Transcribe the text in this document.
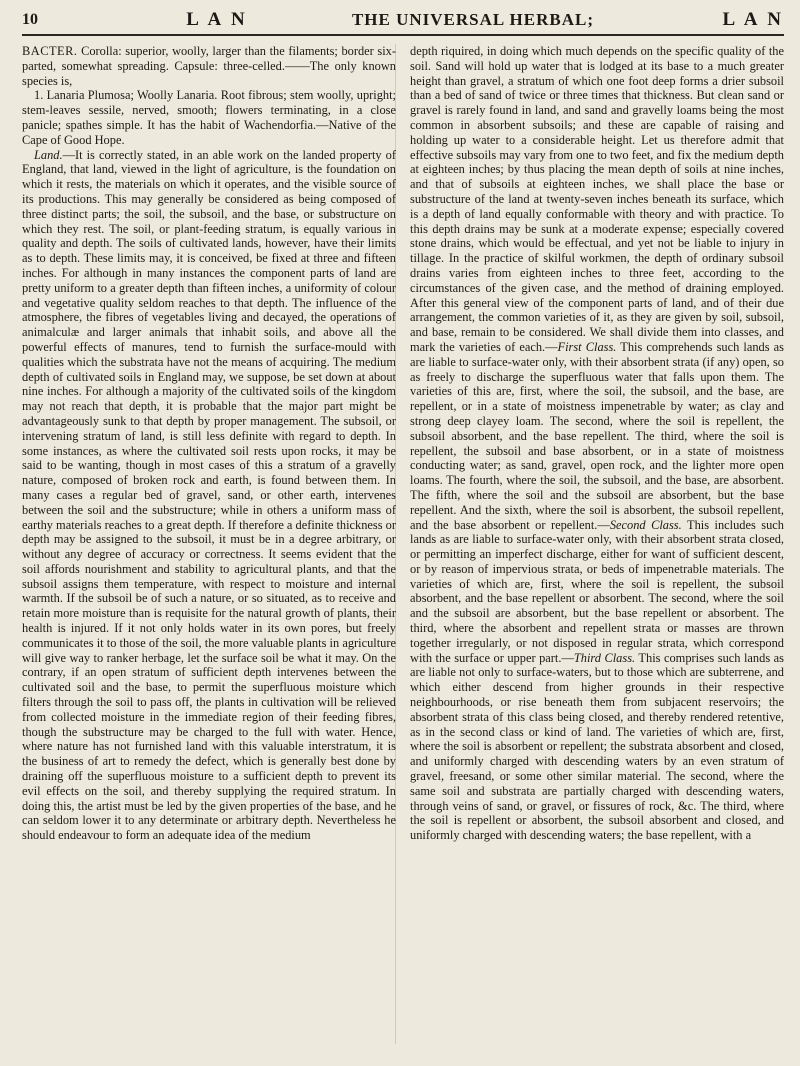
10	L A N	THE UNIVERSAL HERBAL;	L A N

BACTER. Corolla: superior, woolly, larger than the filaments; border six-parted, somewhat spreading. Capsule: three-celled.——The only known species is,

1. Lanaria Plumosa; Woolly Lanaria. Root fibrous; stem woolly, upright; stem-leaves sessile, nerved, smooth; flowers terminating, in a close panicle; spathes simple. It has the habit of Wachendorfia.—Native of the Cape of Good Hope.

Land.—It is correctly stated, in an able work on the landed property of England, that land, viewed in the light of agriculture, is the foundation on which it rests, the materials on which it operates, and the visible source of its productions. This may generally be considered as being composed of three distinct parts; the soil, the subsoil, and the base, or substructure on which they rest. The soil, or plant-feeding stratum, is equally various in quality and depth. The soils of cultivated lands, however, have their limits as to depth. These limits may, it is conceived, be fixed at three and fifteen inches. For although in many instances the component parts of land are pretty uniform to a greater depth than fifteen inches, a uniformity of colour and vegetative quality seldom reaches to that depth. The influence of the atmosphere, the fibres of vegetables living and decayed, the operations of animalculæ and larger animals that inhabit soils, and above all the powerful effects of manures, tend to furnish the surface-mould with qualities which the substrata have not the means of acquiring. The medium depth of cultivated soils in England may, we suppose, be set down at about nine inches. For although a majority of the cultivated soils of the kingdom may not reach that depth, it is probable that the major part might be advantageously sunk to that depth by proper management. The subsoil, or intervening stratum of land, is still less definite with regard to depth. In some instances, as where the cultivated soil rests upon rocks, it may be said to be wanting, though in most cases of this a stratum of a gravelly nature, composed of broken rock and earth, is found between them. In many cases a regular bed of gravel, sand, or other earth, intervenes between the soil and the substructure; while in others a uniform mass of earthy materials reaches to a great depth. If therefore a definite thickness or depth may be assigned to the subsoil, it must be in a degree arbitrary, or without any degree of accuracy or correctness. It seems evident that the soil affords nourishment and stability to agricultural plants, and that the subsoil assigns them temperature, with respect to moisture and internal warmth. If the subsoil be of such a nature, or so situated, as to receive and retain more moisture than is requisite for the natural growth of plants, their health is injured. If it not only holds water in its own pores, but freely communicates it to those of the soil, the more valuable plants in agriculture will give way to ranker herbage, let the surface soil be what it may. On the contrary, if an open stratum of sufficient depth intervenes between the cultivated soil and the base, to permit the superfluous moisture which filters through the soil to pass off, the plants in cultivation will be relieved from collected moisture in the immediate region of their feeding fibres, though the substructure may be charged to the full with water. Hence, where nature has not furnished land with this valuable interstratum, it is the business of art to remedy the defect, which is generally best done by draining off the superfluous moisture to a sufficient depth to prevent its evil effects on the soil, and thereby supplying the required stratum. In doing this, the artist must be led by the given properties of the base, and he can seldom lower it to any determinate or arbitrary depth. Nevertheless he should endeavour to form an adequate idea of the medium

depth riquired, in doing which much depends on the specific quality of the soil. Sand will hold up water that is lodged at its base to a much greater height than gravel, a stratum of which one foot deep forms a drier subsoil than a bed of sand of twice or three times that thickness. But clean sand or gravel is rarely found in land, and sand and gravelly loams being the most common in absorbent subsoils; and these are capable of raising and holding up water to a considerable height. Let us therefore admit that effective subsoils may vary from one to two feet, and fix the medium depth at eighteen inches; by thus placing the mean depth of soils at nine inches, and that of subsoils at eighteen inches, we shall place the base or substructure of the land at twenty-seven inches beneath its surface, which is a depth of land equally conformable with theory and with practice. To this depth drains may be sunk at a moderate expense; especially covered stone drains, which would be effectual, and yet not be liable to injury in tillage. In the practice of skilful workmen, the depth of ordinary subsoil drains varies from eighteen inches to three feet, according to the circumstances of the given case, and the method of draining employed. After this general view of the component parts of land, and of their due arrangement, the common varieties of it, as they are given by soil, subsoil, and base, remain to be considered. We shall divide them into classes, and mark the varieties of each.—First Class. This comprehends such lands as are liable to surface-water only, with their absorbent strata (if any) open, so as freely to discharge the superfluous water that falls upon them. The varieties of this are, first, where the soil, the subsoil, and the base, are repellent, or in a state of moistness impenetrable by water; as clay and strong deep clayey loam. The second, where the soil is repellent, the subsoil absorbent, and the base repellent. The third, where the soil is repellent, the subsoil and base absorbent, or in a state of moistness conducting water; as sand, gravel, open rock, and the lighter more open loams. The fourth, where the soil, the subsoil, and the base, are absorbent. The fifth, where the soil and the subsoil are absorbent, but the base repellent. And the sixth, where the soil is absorbent, the subsoil repellent, and the base absorbent or repellent.—Second Class. This includes such lands as are liable to surface-water only, with their absorbent strata closed, or permitting an imperfect discharge, either for want of sufficient descent, or by reason of impervious strata, or beds of impenetrable materials. The varieties of which are, first, where the soil is repellent, the subsoil absorbent, and the base repellent or absorbent. The second, where the soil and the subsoil are absorbent, but the base repellent or absorbent. The third, where the absorbent and repellent strata or masses are thrown together irregularly, or not disposed in regular strata, which correspond with the surface or upper part.—Third Class. This comprises such lands as are liable not only to surface-waters, but to those which are subterrene, and which either descend from higher grounds in their respective neighbourhoods, or rise beneath them from subjacent reservoirs; the absorbent strata of this class being closed, and thereby rendered retentive, as in the second class or kind of land. The varieties of which are, first, where the soil is absorbent or repellent; the substrata absorbent and closed, and uniformly charged with descending waters by an even stratum of gravel, freesand, or some other similar material. The second, where the same soil and substrata are partially charged with descending waters, through veins of sand, or gravel, or fissures of rock, &c. The third, where the soil is repellent or absorbent, the subsoil absorbent and closed, and uniformly charged with descending waters; the base repellent, with a
